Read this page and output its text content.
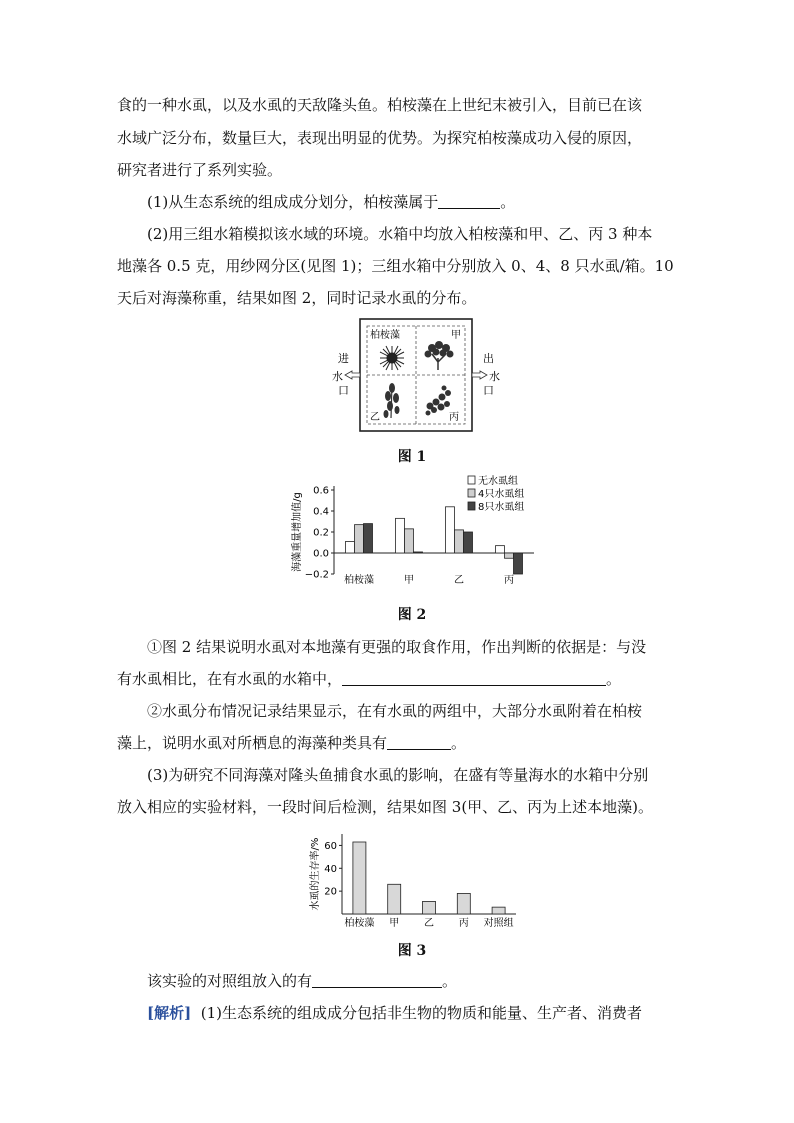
食的一种水虱，以及水虱的天敌隆头鱼。柏桉藻在上世纪末被引入，目前已在该
水域广泛分布，数量巨大，表现出明显的优势。为探究柏桉藻成功入侵的原因，
研究者进行了系列实验。
(1)从生态系统的组成成分划分，柏桉藻属于	。
(2)用三组水箱模拟该水域的环境。水箱中均放入柏桉藻和甲、乙、丙 3 种本
地藻各 0.5 克，用纱网分区(见图 1)；三组水箱中分别放入 0、4、8 只水虱/箱。10
天后对海藻称重，结果如图 2，同时记录水虱的分布。
进
水
口
出
水
口
柏桉藻	甲
乙	丙
图 1
0.6
0.4
0.2
0.0
−0.2
海藻重量增加值/g
柏桉藻	甲	乙	丙
无水虱组
4只水虱组
8只水虱组
图 2
①图 2 结果说明水虱对本地藻有更强的取食作用，作出判断的依据是：与没
有水虱相比，在有水虱的水箱中，	。
②水虱分布情况记录结果显示，在有水虱的两组中，大部分水虱附着在柏桉
藻上，说明水虱对所栖息的海藻种类具有	。
(3)为研究不同海藻对隆头鱼捕食水虱的影响，在盛有等量海水的水箱中分别
放入相应的实验材料，一段时间后检测，结果如图 3(甲、乙、丙为上述本地藻)。
60
40
20
水虱的生存率/%
柏桉藻 甲 乙 丙 对照组
图 3
该实验的对照组放入的有	。
[解析] (1)生态系统的组成成分包括非生物的物质和能量、生产者、消费者
